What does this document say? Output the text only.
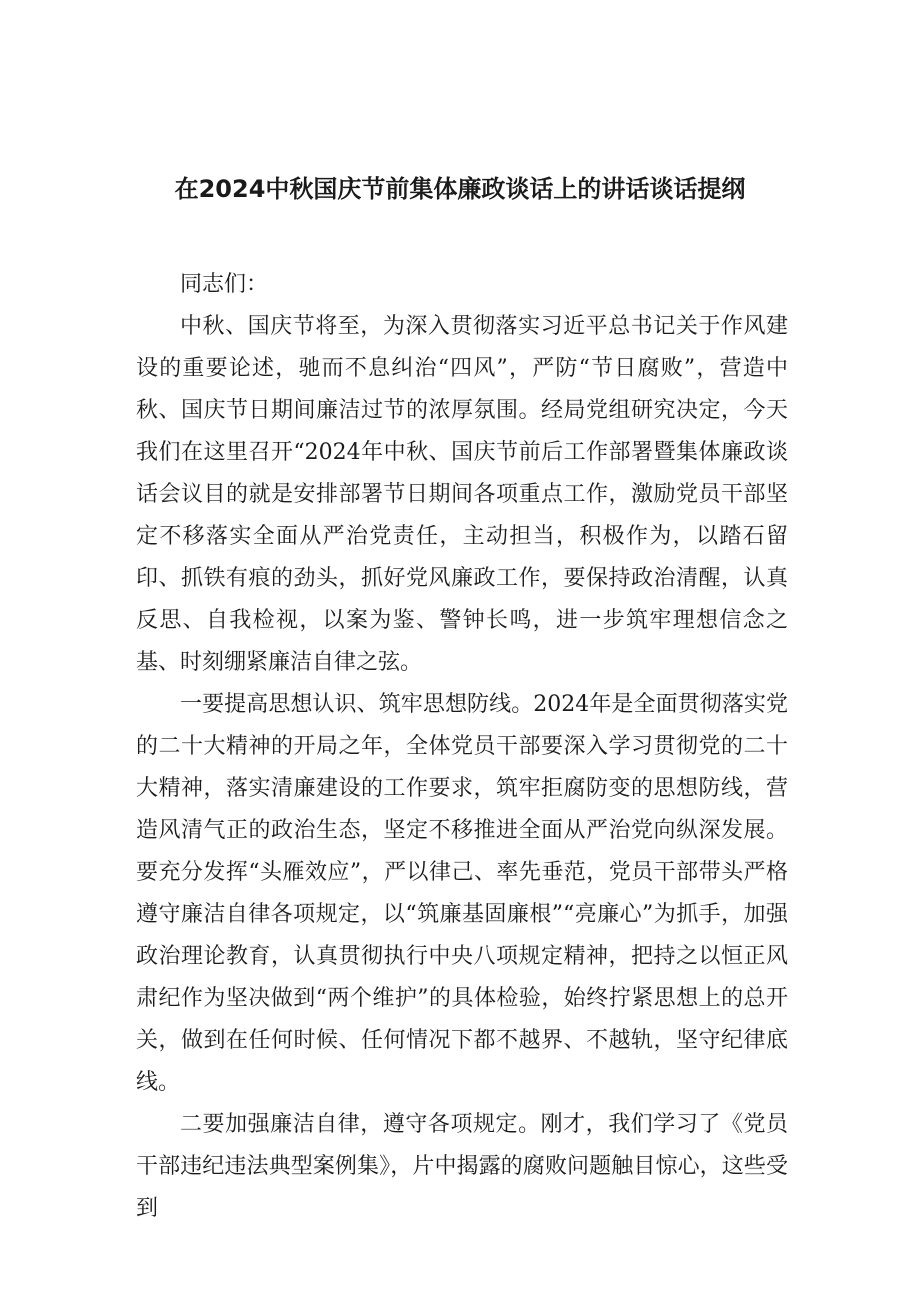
在2024中秋国庆节前集体廉政谈话上的讲话谈话提纲

同志们：

中秋、国庆节将至，为深入贯彻落实习近平总书记关于作风建设的重要论述，驰而不息纠治“四风”，严防“节日腐败”，营造中秋、国庆节日期间廉洁过节的浓厚氛围。经局党组研究决定，今天我们在这里召开“2024年中秋、国庆节前后工作部署暨集体廉政谈话会议目的就是安排部署节日期间各项重点工作，激励党员干部坚定不移落实全面从严治党责任，主动担当，积极作为，以踏石留印、抓铁有痕的劲头，抓好党风廉政工作，要保持政治清醒，认真反思、自我检视，以案为鉴、警钟长鸣，进一步筑牢理想信念之基、时刻绷紧廉洁自律之弦。

一要提高思想认识、筑牢思想防线。2024年是全面贯彻落实党的二十大精神的开局之年，全体党员干部要深入学习贯彻党的二十大精神，落实清廉建设的工作要求，筑牢拒腐防变的思想防线，营造风清气正的政治生态，坚定不移推进全面从严治党向纵深发展。要充分发挥“头雁效应”，严以律己、率先垂范，党员干部带头严格遵守廉洁自律各项规定，以“筑廉基固廉根”“亮廉心”为抓手，加强政治理论教育，认真贯彻执行中央八项规定精神，把持之以恒正风肃纪作为坚决做到“两个维护”的具体检验，始终拧紧思想上的总开关，做到在任何时候、任何情况下都不越界、不越轨，坚守纪律底线。

二要加强廉洁自律，遵守各项规定。刚才，我们学习了《党员干部违纪违法典型案例集》，片中揭露的腐败问题触目惊心，这些受到
